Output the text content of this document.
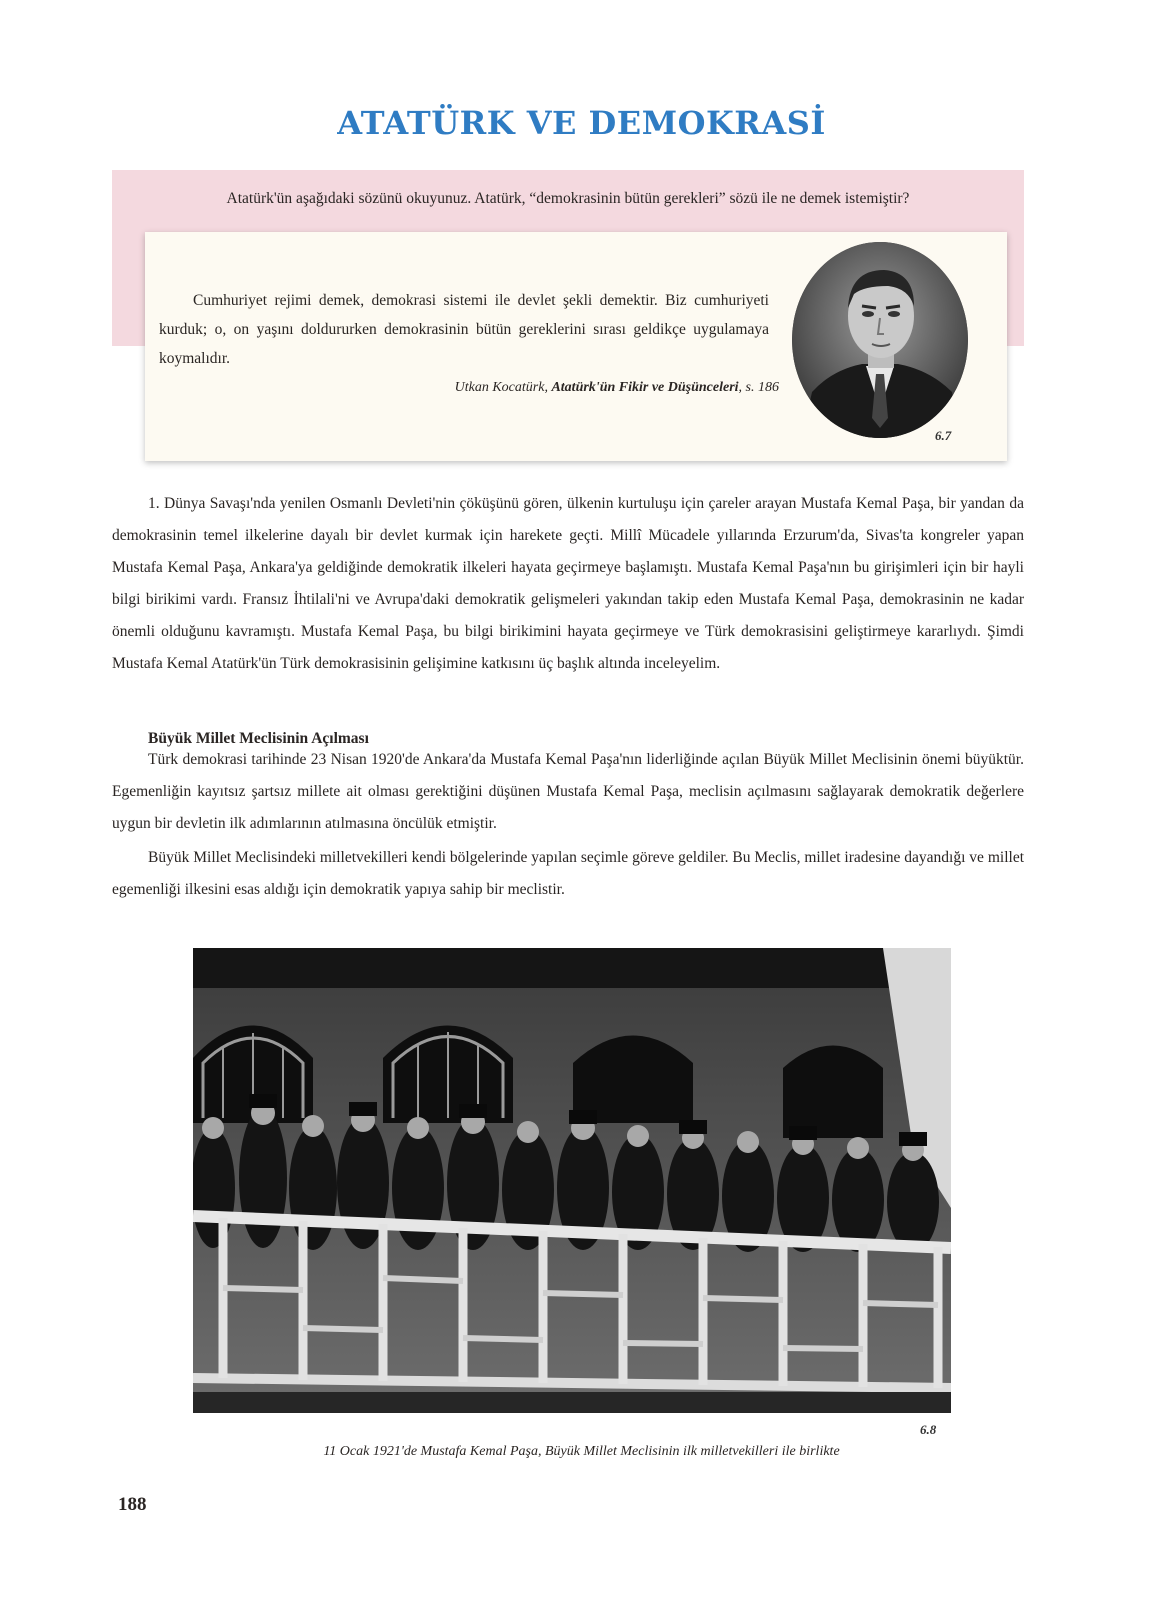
ATATÜRK VE DEMOKRASİ
Atatürk'ün aşağıdaki sözünü okuyunuz. Atatürk, “demokrasinin bütün gerekleri” sözü ile ne demek istemiştir?
Cumhuriyet rejimi demek, demokrasi sistemi ile devlet şekli demektir. Biz cumhuriyeti kurduk; o, on yaşını doldururken demokrasinin bütün gereklerini sırası geldikçe uygulamaya koymalıdır.
Utkan Kocatürk, Atatürk'ün Fikir ve Düşünceleri, s. 186
6.7

1. Dünya Savaşı'nda yenilen Osmanlı Devleti'nin çöküşünü gören, ülkenin kurtuluşu için çareler arayan Mustafa Kemal Paşa, bir yandan da demokrasinin temel ilkelerine dayalı bir devlet kurmak için harekete geçti. Millî Mücadele yıllarında Erzurum'da, Sivas'ta kongreler yapan Mustafa Kemal Paşa, Ankara'ya geldiğinde demokratik ilkeleri hayata geçirmeye başlamıştı. Mustafa Kemal Paşa'nın bu girişimleri için bir hayli bilgi birikimi vardı. Fransız İhtilali'ni ve Avrupa'daki demokratik gelişmeleri yakından takip eden Mustafa Kemal Paşa, demokrasinin ne kadar önemli olduğunu kavramıştı. Mustafa Kemal Paşa, bu bilgi birikimini hayata geçirmeye ve Türk demokrasisini geliştirmeye kararlıydı. Şimdi Mustafa Kemal Atatürk'ün Türk demokrasisinin gelişimine katkısını üç başlık altında inceleyelim.

Büyük Millet Meclisinin Açılması

Türk demokrasi tarihinde 23 Nisan 1920'de Ankara'da Mustafa Kemal Paşa'nın liderliğinde açılan Büyük Millet Meclisinin önemi büyüktür. Egemenliğin kayıtsız şartsız millete ait olması gerektiğini düşünen Mustafa Kemal Paşa, meclisin açılmasını sağlayarak demokratik değerlere uygun bir devletin ilk adımlarının atılmasına öncülük etmiştir.

Büyük Millet Meclisindeki milletvekilleri kendi bölgelerinde yapılan seçimle göreve geldiler. Bu Meclis, millet iradesine dayandığı ve millet egemenliği ilkesini esas aldığı için demokratik yapıya sahip bir meclistir.

6.8
11 Ocak 1921'de Mustafa Kemal Paşa, Büyük Millet Meclisinin ilk milletvekilleri ile birlikte
188
